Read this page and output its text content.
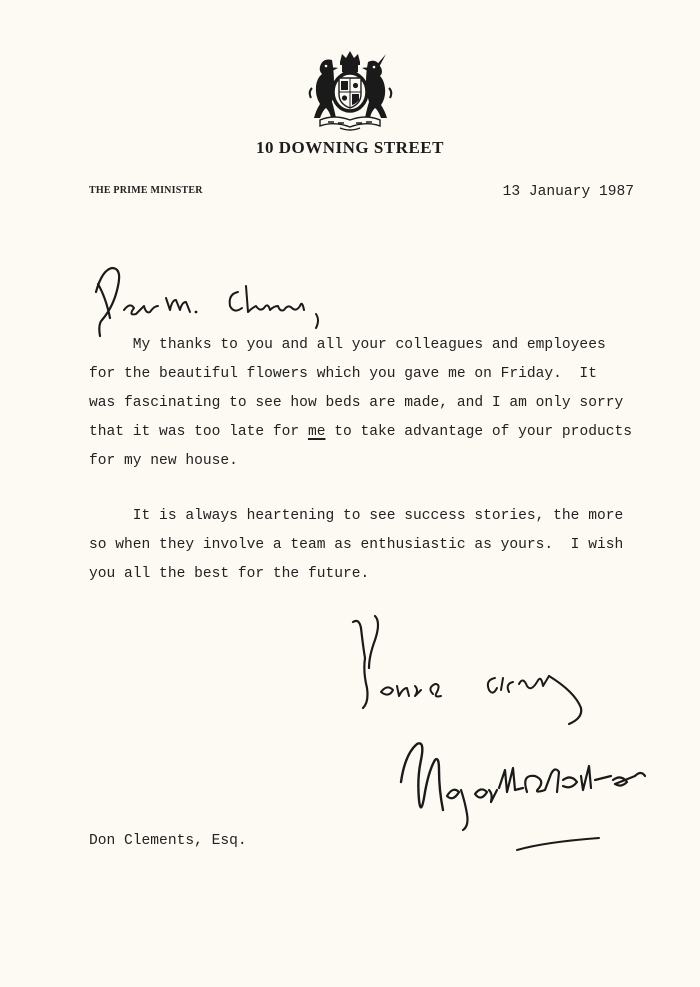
10 DOWNING STREET
THE PRIME MINISTER	13 January 1987

My thanks to you and all your colleagues and employees
for the beautiful flowers which you gave me on Friday.  It
was fascinating to see how beds are made, and I am only sorry
that it was too late for me to take advantage of your products
for my new house.

It is always heartening to see success stories, the more
so when they involve a team as enthusiastic as yours.  I wish
you all the best for the future.

Don Clements, Esq.
